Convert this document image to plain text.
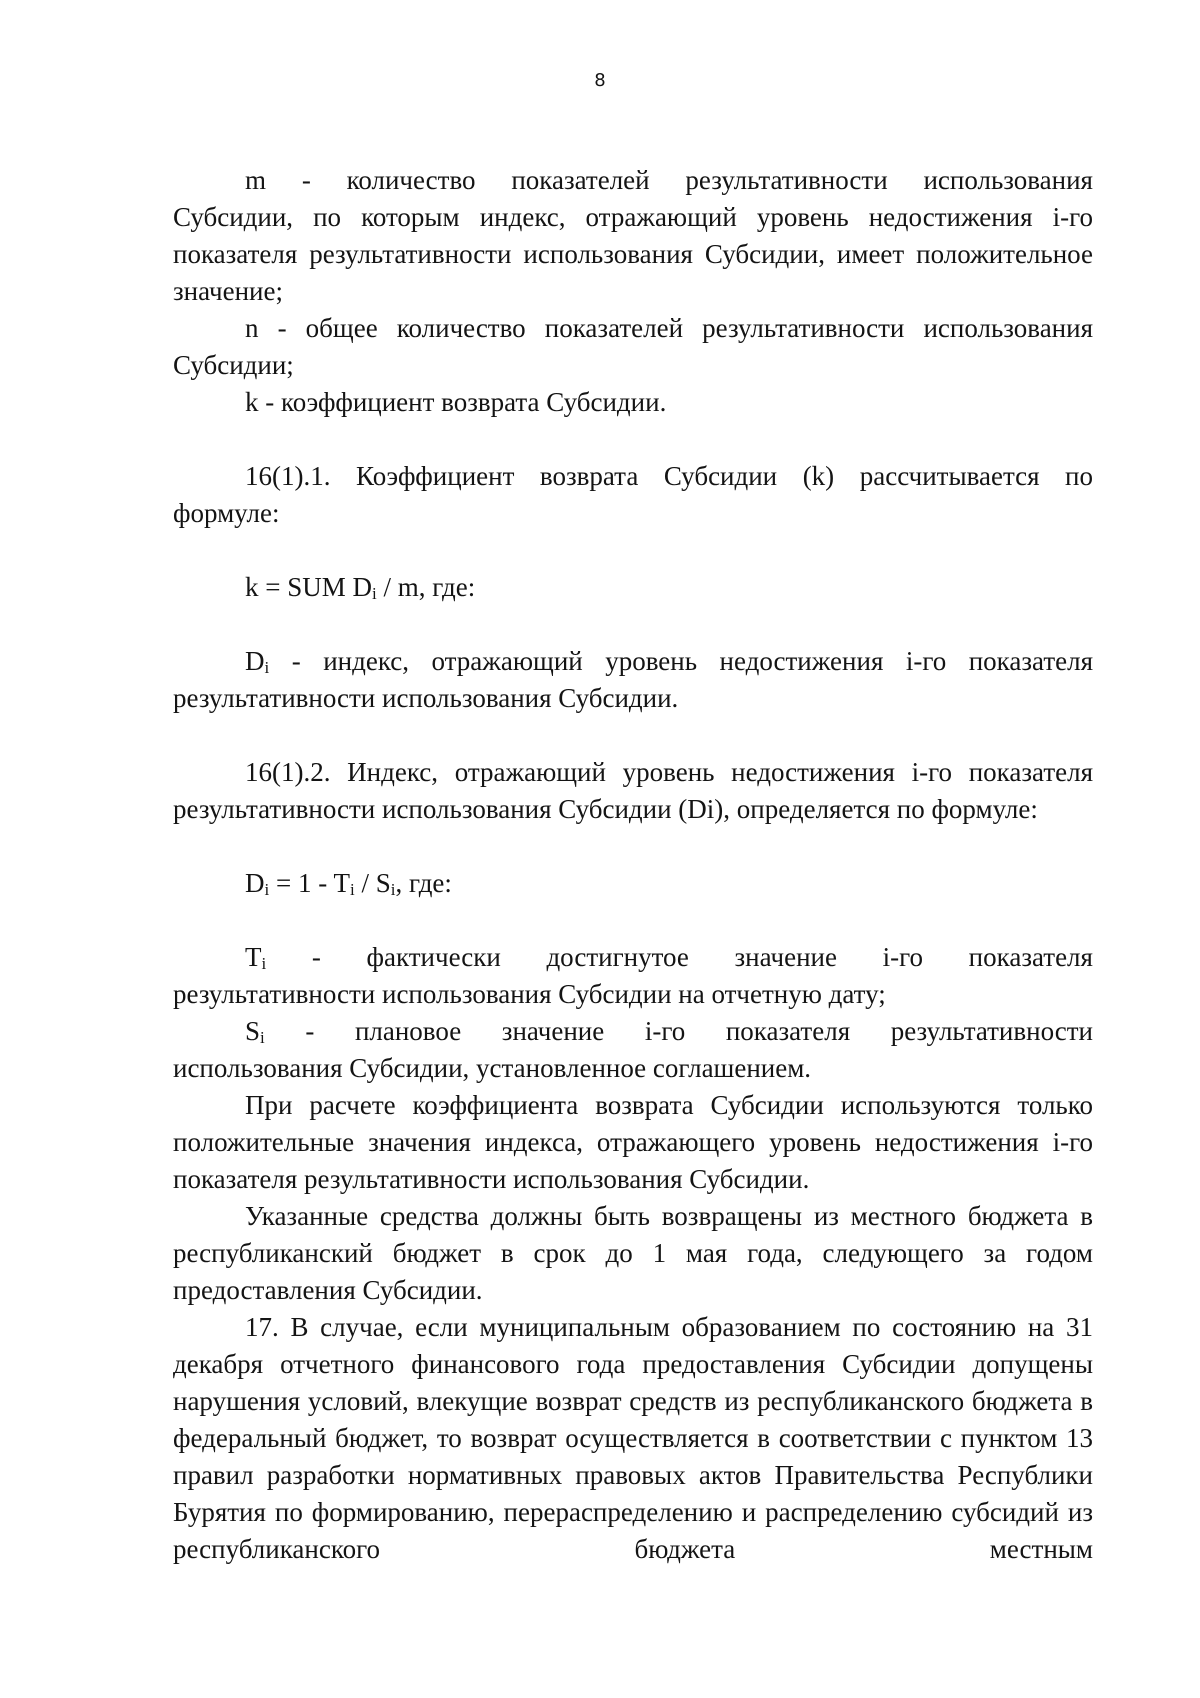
8
m - количество показателей результативности использования

Субсидии, по которым индекс, отражающий уровень недостижения i-го показателя результативности использования Субсидии, имеет положительное значение;

n - общее количество показателей результативности использования Субсидии;

k - коэффициент возврата Субсидии.

16(1).1. Коэффициент возврата Субсидии (k) рассчитывается по формуле:

k = SUM $D_i$ / m, где:

$D_i$ - индекс, отражающий уровень недостижения i-го показателя результативности использования Субсидии.

16(1).2. Индекс, отражающий уровень недостижения i-го показателя результативности использования Субсидии (Di), определяется по формуле:

$D_i = 1 - T_i / S_i$, где:

$T_i$ - фактически достигнутое значение i-го показателя

результативности использования Субсидии на отчетную дату;

$S_i$ - плановое значение i-го показателя результативности

использования Субсидии, установленное соглашением.

При расчете коэффициента возврата Субсидии используются только положительные значения индекса, отражающего уровень недостижения i-го показателя результативности использования Субсидии.

Указанные средства должны быть возвращены из местного бюджета в республиканский бюджет в срок до 1 мая года, следующего за годом предоставления Субсидии.

17. В случае, если муниципальным образованием по состоянию на 31 декабря отчетного финансового года предоставления Субсидии допущены нарушения условий, влекущие возврат средств из республиканского бюджета в федеральный бюджет, то возврат осуществляется в соответствии с пунктом 13 правил разработки нормативных правовых актов Правительства Республики Бурятия по формированию, перераспределению и распределению субсидий из республиканского бюджета местным
